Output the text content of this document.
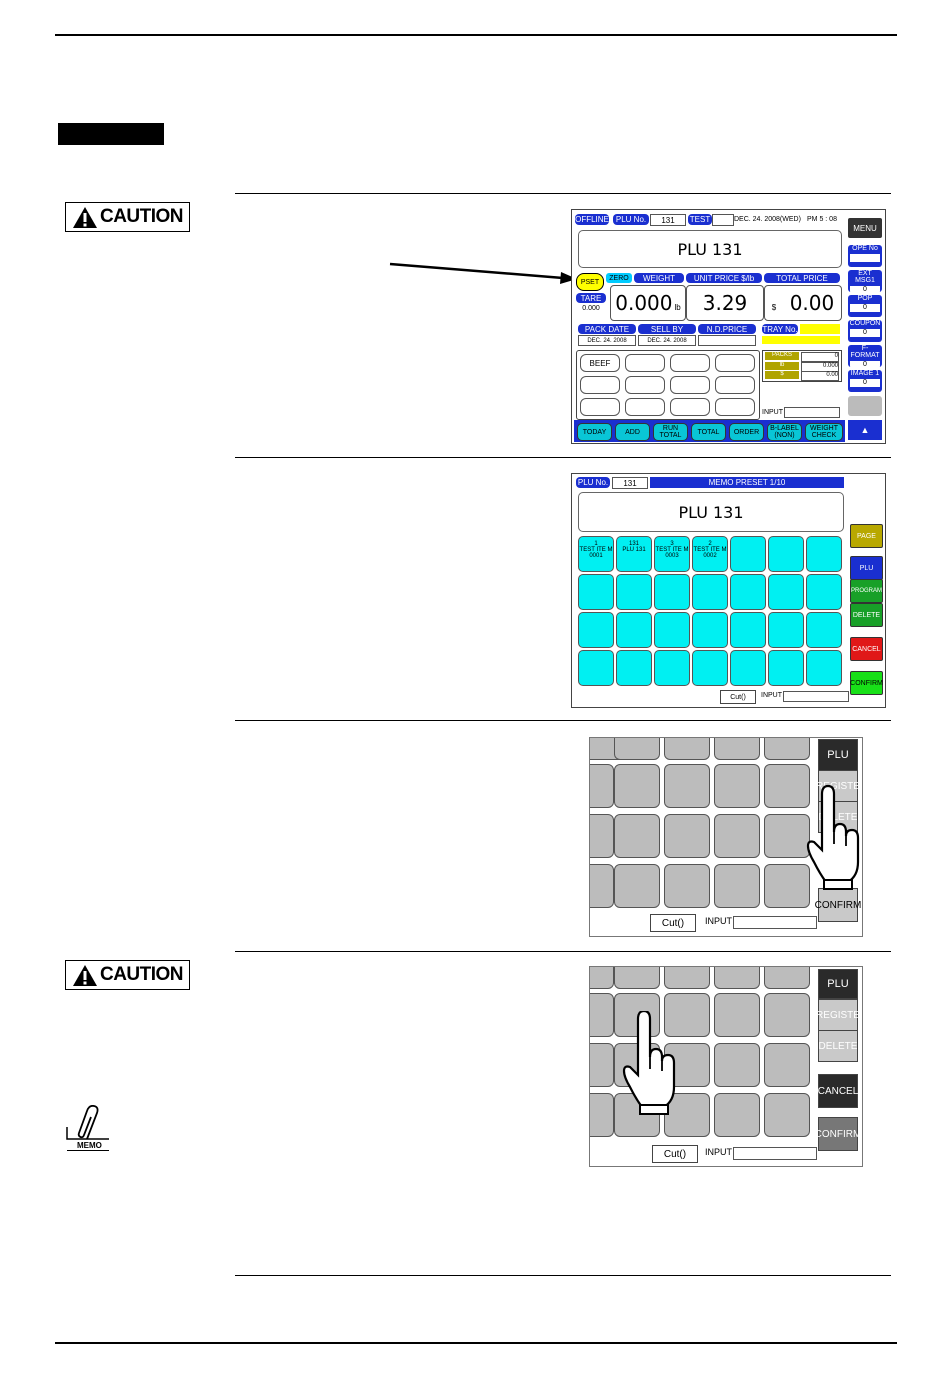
CAUTION
CAUTION
MEMO
OFFLINE PLU No.	131	TEST	DEC. 24. 2008(WED) PM 5 : 08
MENU
PLU 131
PSET
ZERO	WEIGHT	UNIT PRICE $/lb	TOTAL PRICE
TARE
0.000 0.000 lb	3.29	$ 0.00
PACK DATE	SELL BY	N.D.PRICE
DEC. 24. 2008	DEC. 24. 2008
TRAY No.
PACKS	0
lb	0.000
$	0.00
BEEF
INPUT
OPE No
EXT MSG1
0
POP
0
COUPON
0
F-FORMAT
0
IMAGE 1
0
TODAY	ADD	RUN TOTAL	TOTAL	ORDER	B-LABEL (NON)
WEIGHT CHECK
▲
PLU No.	131	MEMO PRESET 1/10
PLU 131
1
TEST ITE M 0001
131
PLU 131
3
TEST ITE M 0003
2
TEST ITE M 0002
PAGE
PLU
PROGRAM
DELETE
CANCEL
CONFIRM
Cut()	INPUT
PLU
REGISTE
DELETE
CONFIRM
Cut()	INPUT
PLU
REGISTE
DELETE
CANCEL
CONFIRM
Cut()	INPUT
